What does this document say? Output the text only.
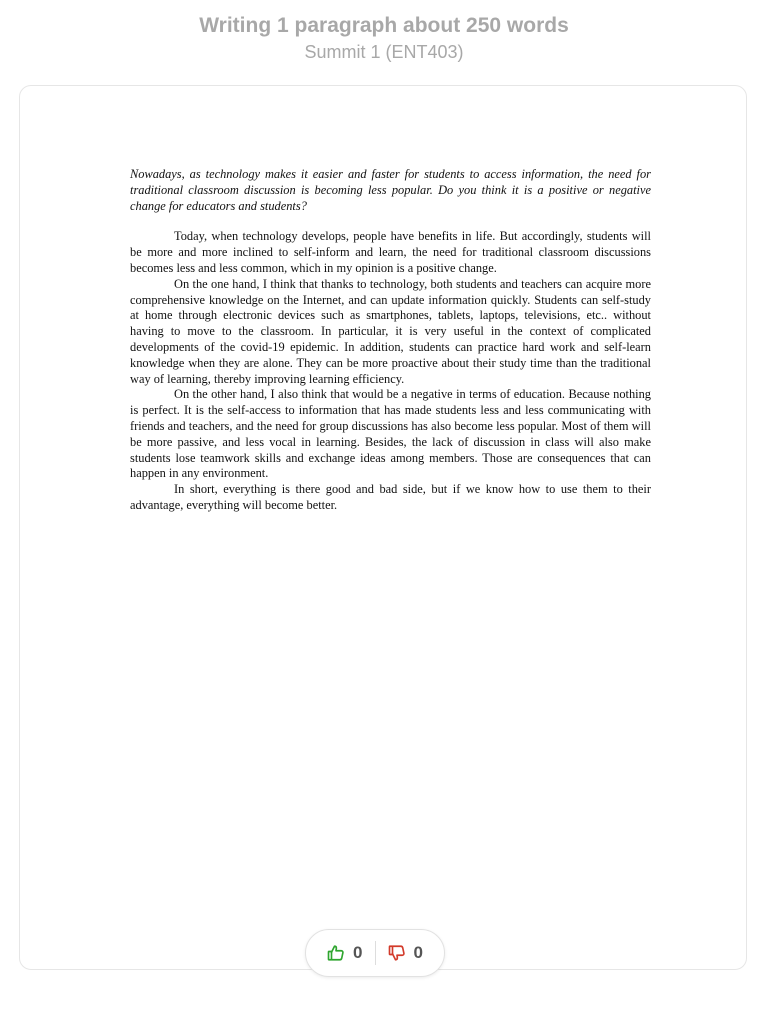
Writing 1 paragraph about 250 words
Summit 1 (ENT403)

Nowadays, as technology makes it easier and faster for students to access information, the need for traditional classroom discussion is becoming less popular. Do you think it is a positive or negative change for educators and students?

Today, when technology develops, people have benefits in life. But accordingly, students will be more and more inclined to self-inform and learn, the need for traditional classroom discussions becomes less and less common, which in my opinion is a positive change.

On the one hand, I think that thanks to technology, both students and teachers can acquire more comprehensive knowledge on the Internet, and can update information quickly. Students can self-study at home through electronic devices such as smartphones, tablets, laptops, televisions, etc.. without having to move to the classroom. In particular, it is very useful in the context of complicated developments of the covid-19 epidemic. In addition, students can practice hard work and self-learn knowledge when they are alone. They can be more proactive about their study time than the traditional way of learning, thereby improving learning efficiency.

On the other hand, I also think that would be a negative in terms of education. Because nothing is perfect. It is the self-access to information that has made students less and less communicating with friends and teachers, and the need for group discussions has also become less popular. Most of them will be more passive, and less vocal in learning. Besides, the lack of discussion in class will also make students lose teamwork skills and exchange ideas among members. Those are consequences that can happen in any environment.

In short, everything is there good and bad side, but if we know how to use them to their advantage, everything will become better.

0	0
